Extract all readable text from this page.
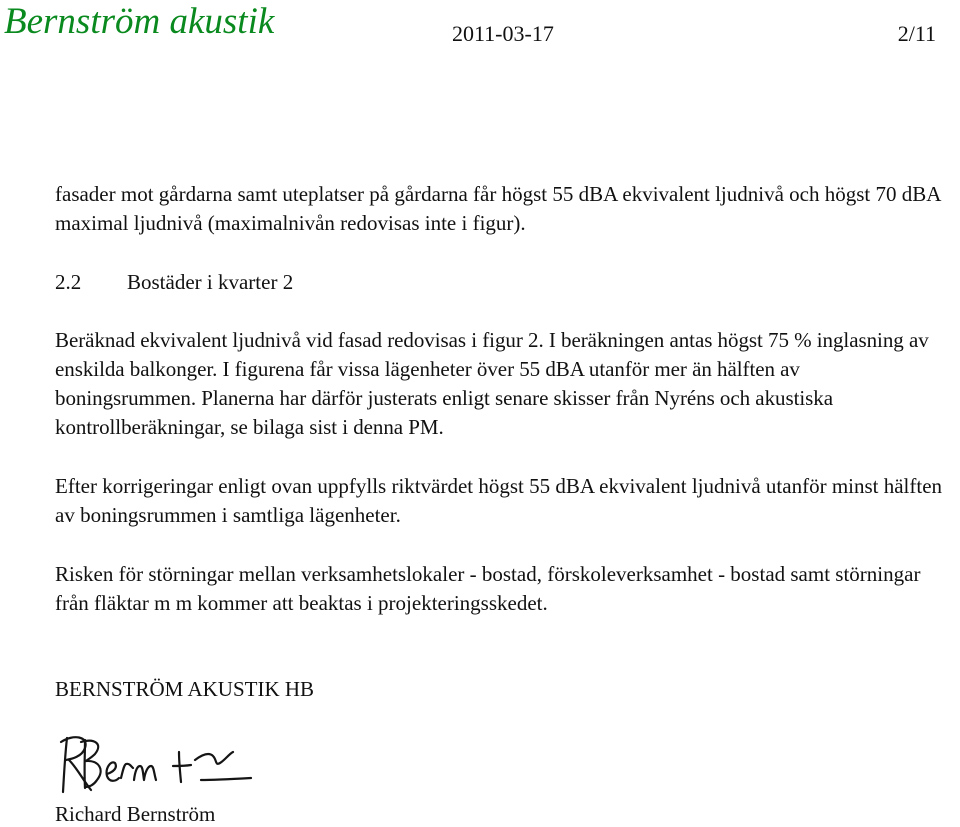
Bernström akustik	2011-03-17	2/11

fasader mot gårdarna samt uteplatser på gårdarna får högst 55 dBA ekvivalent ljudnivå och högst 70 dBA maximal ljudnivå (maximalnivån redovisas inte i figur).

2.2 Bostäder i kvarter 2

Beräknad ekvivalent ljudnivå vid fasad redovisas i figur 2. I beräkningen antas högst 75 % inglasning av enskilda balkonger. I figurena får vissa lägenheter över 55 dBA utanför mer än hälften av boningsrummen. Planerna har därför justerats enligt senare skisser från Nyréns och akustiska kontrollberäkningar, se bilaga sist i denna PM.

Efter korrigeringar enligt ovan uppfylls riktvärdet högst 55 dBA ekvivalent ljudnivå utanför minst hälften av boningsrummen i samtliga lägenheter.

Risken för störningar mellan verksamhetslokaler - bostad, förskoleverksamhet - bostad samt störningar från fläktar m m kommer att beaktas i projekteringsskedet.

BERNSTRÖM AKUSTIK HB
Richard Bernström
